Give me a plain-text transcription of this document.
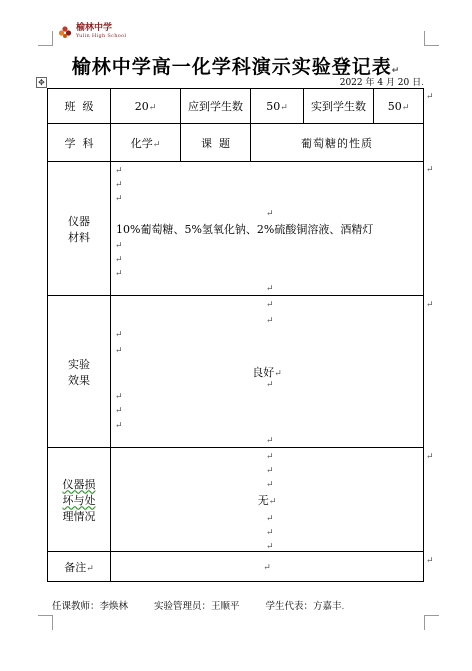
榆林中学
Yulin High School
榆林中学高一化学科演示实验登记表↵
✥	2022 年 4 月 20 日.
班  级	20↵	应到学生数	50↵	实到学生数	50↵
学  科	化学↵	课  题	葡萄糖的性质		

仪器
材料	10%葡萄糖、5%氢氧化钠、2%硫酸铜溶液、酒精灯				

实验
效果	良好↵				

仪器损
坏与处
理情况	无↵				
备注↵	↵				
↵
↵
↵
↵
↵
↵
↵
↵
↵
↵
↵
↵
↵
↵
↵
↵
↵
↵
↵
↵
↵
↵
↵
↵
↵
↵
↵
↵
任课教师：李焕林	实验管理员：王顺平	学生代表：方嘉丰.
